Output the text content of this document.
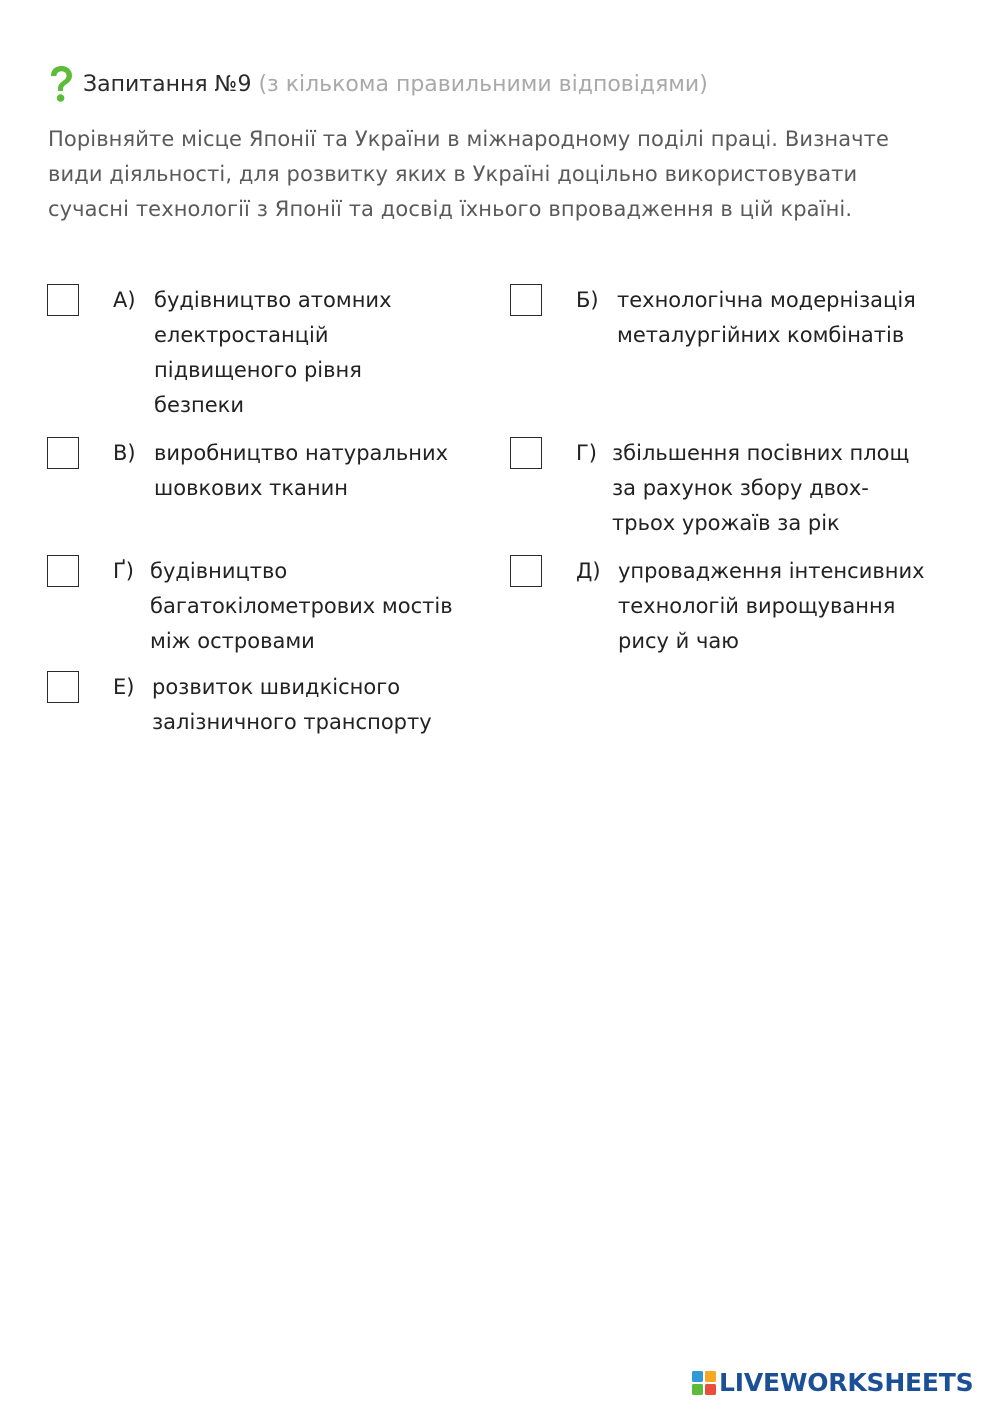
Запитання №9 (з кількома правильними відповідями)
Порівняйте місце Японії та України в міжнародному поділі праці. Визначте види діяльності, для розвитку яких в Україні доцільно використовувати сучасні технології з Японії та досвід їхнього впровадження в цій країні.
А) будівництво атомних електростанцій підвищеного рівня безпеки
Б) технологічна модернізація металургійних комбінатів
В) виробництво натуральних шовкових тканин
Г) збільшення посівних площ за рахунок збору двох-трьох урожаїв за рік
Ґ) будівництво багатокілометрових мостів між островами
Д) упровадження інтенсивних технологій вирощування рису й чаю
Е) розвиток швидкісного залізничного транспорту
LIVEWORKSHEETS
